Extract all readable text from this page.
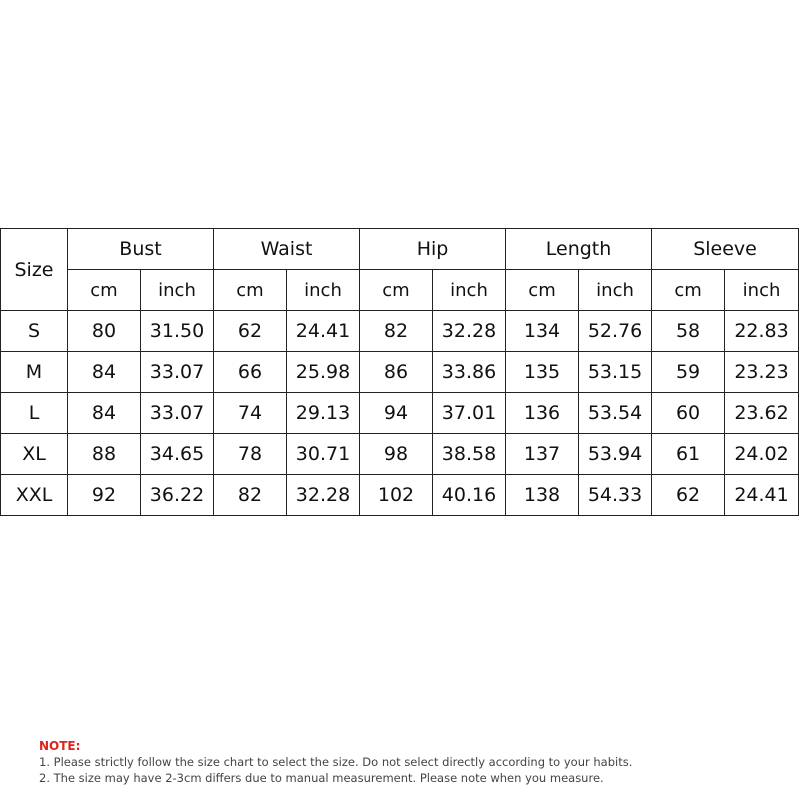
Size	Bust		Waist		Hip		Length		Sleeve	
	cm	inch	cm	inch	cm	inch	cm	inch	cm	inch
S	80	31.50	62	24.41	82	32.28	134	52.76	58	22.83
M	84	33.07	66	25.98	86	33.86	135	53.15	59	23.23
L	84	33.07	74	29.13	94	37.01	136	53.54	60	23.62
XL	88	34.65	78	30.71	98	38.58	137	53.94	61	24.02
XXL	92	36.22	82	32.28	102	40.16	138	54.33	62	24.41
NOTE:
1. Please strictly follow the size chart to select the size. Do not select directly according to your habits.
2. The size may have 2-3cm differs due to manual measurement. Please note when you measure.
